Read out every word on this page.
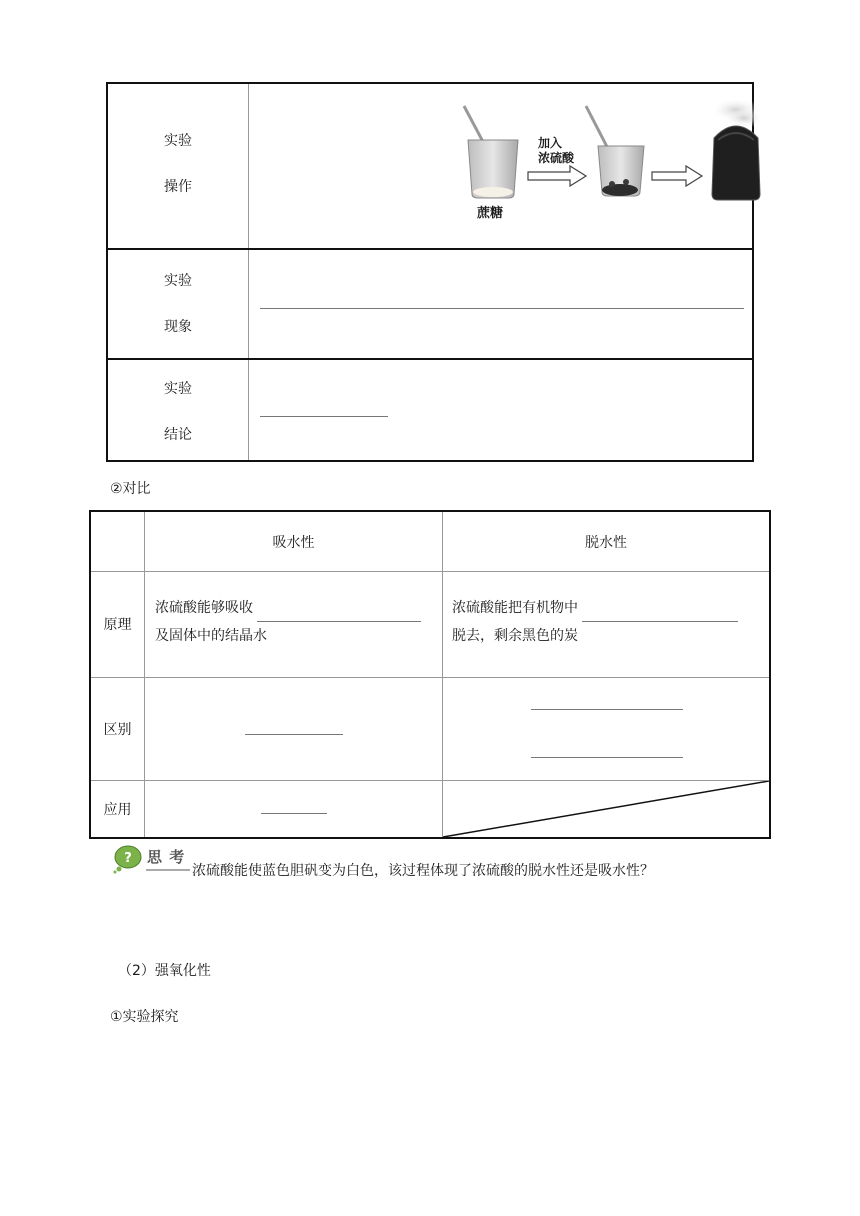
实验
操作
加入
浓硫酸
蔗糖
实验
现象
实验
结论
②对比
吸水性	脱水性
原理
浓硫酸能够吸收
及固体中的结晶水
浓硫酸能把有机物中
脱去，剩余黑色的炭
区别
应用
? 思 考
浓硫酸能使蓝色胆矾变为白色，该过程体现了浓硫酸的脱水性还是吸水性？
（2）强氧化性
①实验探究
